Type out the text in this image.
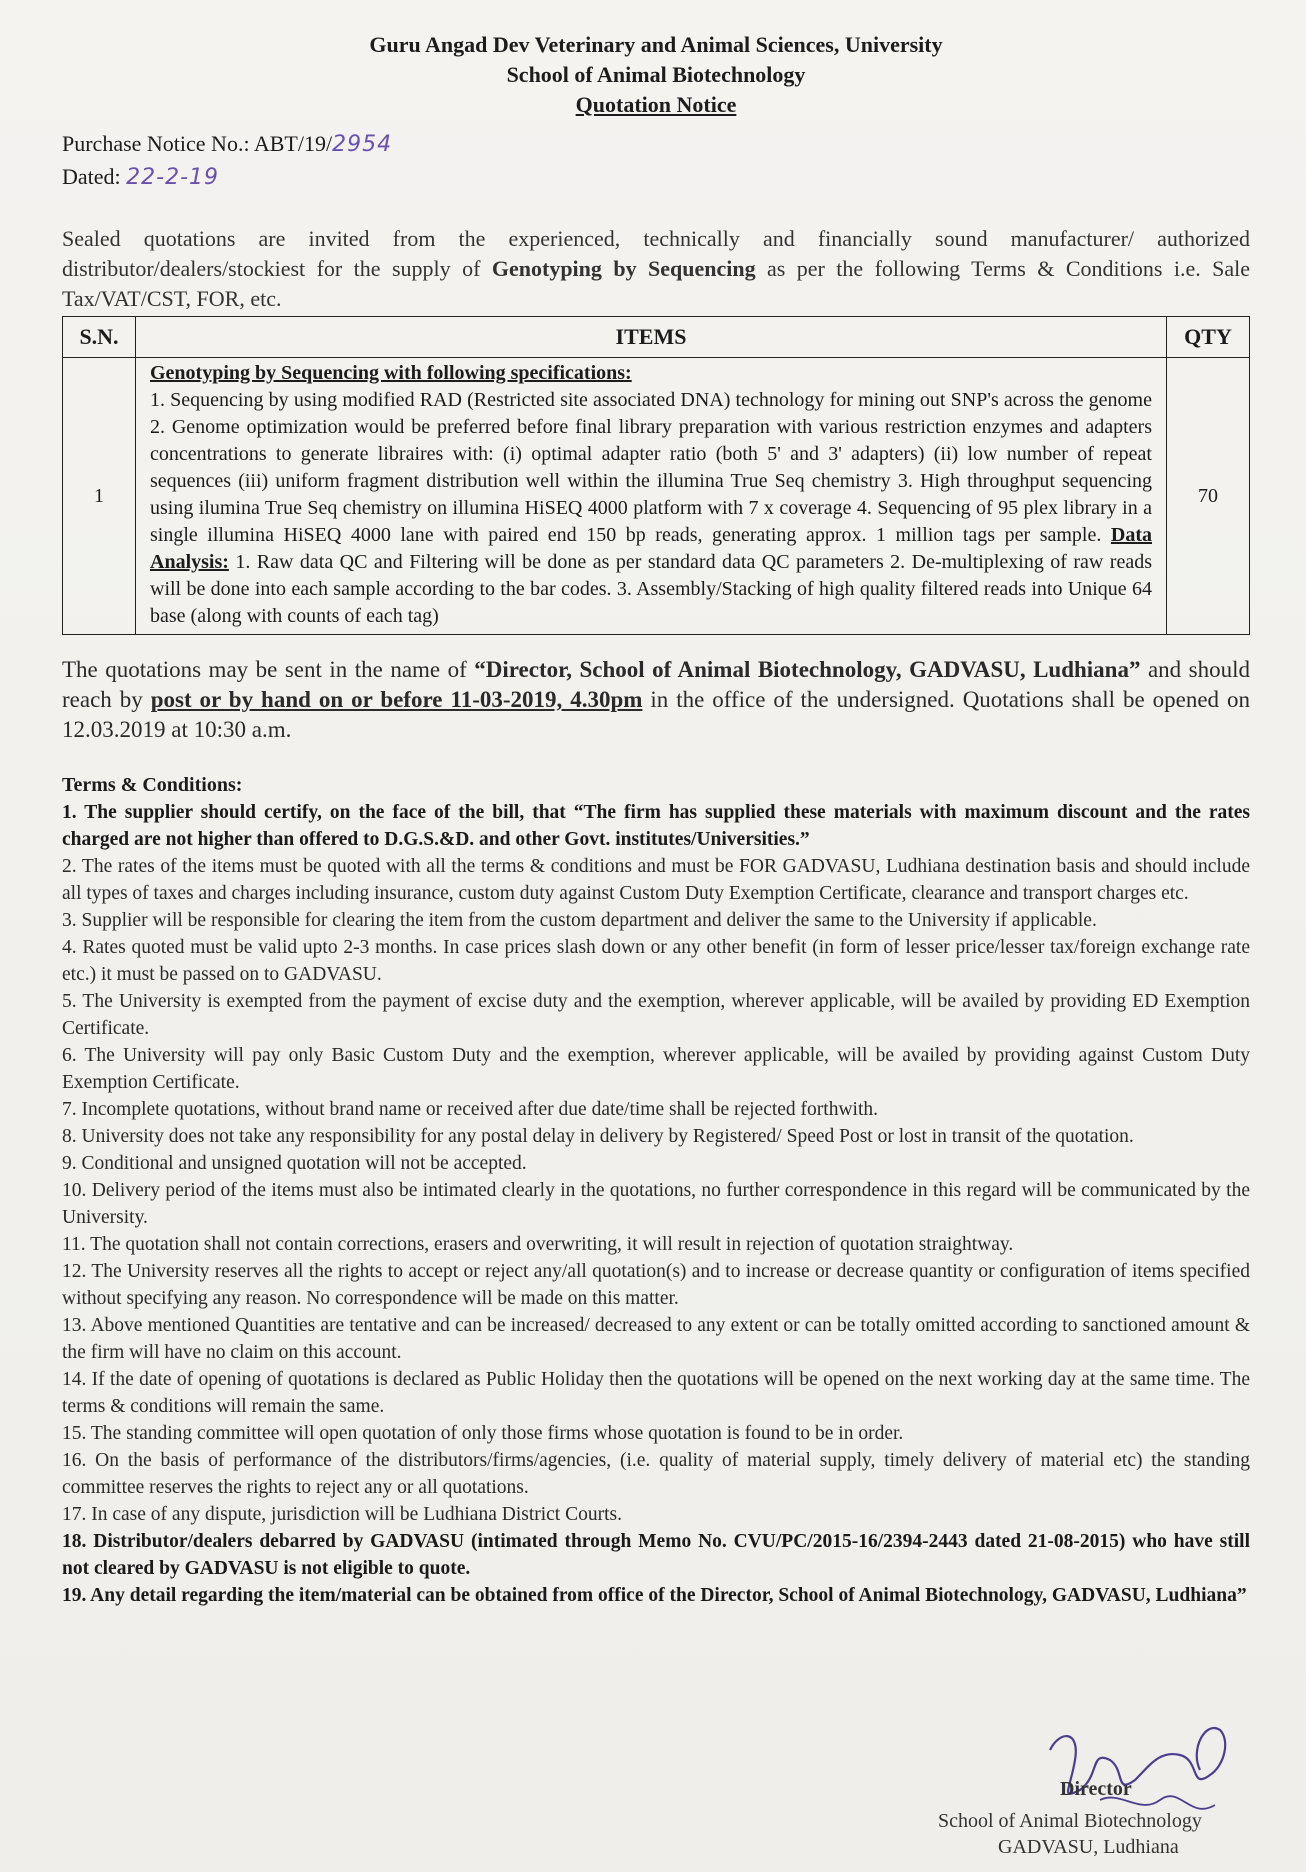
Guru Angad Dev Veterinary and Animal Sciences, University
School of Animal Biotechnology
Quotation Notice
Purchase Notice No.: ABT/19/2954
Dated: 22-2-19
Sealed quotations are invited from the experienced, technically and financially sound manufacturer/ authorized distributor/dealers/stockiest for the supply of Genotyping by Sequencing as per the following Terms & Conditions i.e. Sale Tax/VAT/CST, FOR, etc.
S.N.	ITEMS	QTY
1	Genotyping by Sequencing with following specifications:
1. Sequencing by using modified RAD (Restricted site associated DNA) technology for mining out SNP's across the genome 2. Genome optimization would be preferred before final library preparation with various restriction enzymes and adapters concentrations to generate libraires with: (i) optimal adapter ratio (both 5' and 3' adapters) (ii) low number of repeat sequences (iii) uniform fragment distribution well within the illumina True Seq chemistry 3. High throughput sequencing using ilumina True Seq chemistry on illumina HiSEQ 4000 platform with 7 x coverage 4. Sequencing of 95 plex library in a single illumina HiSEQ 4000 lane with paired end 150 bp reads, generating approx. 1 million tags per sample. Data Analysis: 1. Raw data QC and Filtering will be done as per standard data QC parameters 2. De-multiplexing of raw reads will be done into each sample according to the bar codes. 3. Assembly/Stacking of high quality filtered reads into Unique 64 base (along with counts of each tag)	70
The quotations may be sent in the name of “Director, School of Animal Biotechnology, GADVASU, Ludhiana” and should reach by post or by hand on or before 11-03-2019, 4.30pm in the office of the undersigned. Quotations shall be opened on 12.03.2019 at 10:30 a.m.
Terms & Conditions:

1. The supplier should certify, on the face of the bill, that “The firm has supplied these materials with maximum discount and the rates charged are not higher than offered to D.G.S.&D. and other Govt. institutes/Universities.”

2. The rates of the items must be quoted with all the terms & conditions and must be FOR GADVASU, Ludhiana destination basis and should include all types of taxes and charges including insurance, custom duty against Custom Duty Exemption Certificate, clearance and transport charges etc.

3. Supplier will be responsible for clearing the item from the custom department and deliver the same to the University if applicable.

4. Rates quoted must be valid upto 2-3 months. In case prices slash down or any other benefit (in form of lesser price/lesser tax/foreign exchange rate etc.) it must be passed on to GADVASU.

5. The University is exempted from the payment of excise duty and the exemption, wherever applicable, will be availed by providing ED Exemption Certificate.

6. The University will pay only Basic Custom Duty and the exemption, wherever applicable, will be availed by providing against Custom Duty Exemption Certificate.

7. Incomplete quotations, without brand name or received after due date/time shall be rejected forthwith.

8. University does not take any responsibility for any postal delay in delivery by Registered/ Speed Post or lost in transit of the quotation.

9. Conditional and unsigned quotation will not be accepted.

10. Delivery period of the items must also be intimated clearly in the quotations, no further correspondence in this regard will be communicated by the University.

11. The quotation shall not contain corrections, erasers and overwriting, it will result in rejection of quotation straightway.

12. The University reserves all the rights to accept or reject any/all quotation(s) and to increase or decrease quantity or configuration of items specified without specifying any reason. No correspondence will be made on this matter.

13. Above mentioned Quantities are tentative and can be increased/ decreased to any extent or can be totally omitted according to sanctioned amount & the firm will have no claim on this account.

14. If the date of opening of quotations is declared as Public Holiday then the quotations will be opened on the next working day at the same time. The terms & conditions will remain the same.

15. The standing committee will open quotation of only those firms whose quotation is found to be in order.

16. On the basis of performance of the distributors/firms/agencies, (i.e. quality of material supply, timely delivery of material etc) the standing committee reserves the rights to reject any or all quotations.

17. In case of any dispute, jurisdiction will be Ludhiana District Courts.

18. Distributor/dealers debarred by GADVASU (intimated through Memo No. CVU/PC/2015-16/2394-2443 dated 21-08-2015) who have still not cleared by GADVASU is not eligible to quote.

19. Any detail regarding the item/material can be obtained from office of the Director, School of Animal Biotechnology, GADVASU, Ludhiana”

Director
School of Animal Biotechnology
GADVASU, Ludhiana
